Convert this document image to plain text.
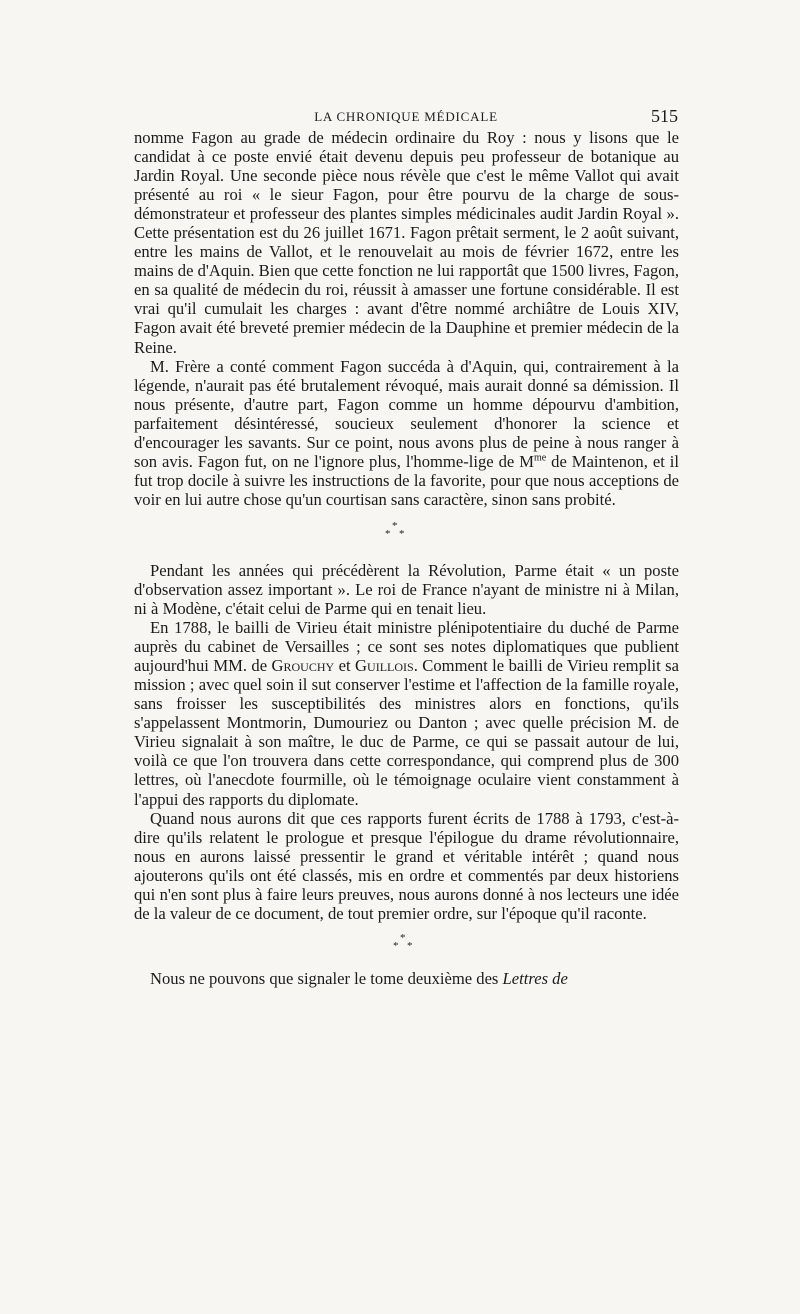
LA CHRONIQUE MÉDICALE	515

nomme Fagon au grade de médecin ordinaire du Roy : nous y lisons que le candidat à ce poste envié était devenu depuis peu professeur de botanique au Jardin Royal. Une seconde pièce nous révèle que c'est le même Vallot qui avait présenté au roi « le sieur Fagon, pour être pourvu de la charge de sous-démonstrateur et professeur des plantes simples médicinales audit Jardin Royal ». Cette présentation est du 26 juillet 1671. Fagon prêtait serment, le 2 août suivant, entre les mains de Vallot, et le renouvelait au mois de février 1672, entre les mains de d'Aquin. Bien que cette fonction ne lui rapportât que 1500 livres, Fagon, en sa qualité de médecin du roi, réussit à amasser une fortune considérable. Il est vrai qu'il cumulait les charges : avant d'être nommé archiâtre de Louis XIV, Fagon avait été breveté premier médecin de la Dauphine et premier médecin de la Reine.

M. Frère a conté comment Fagon succéda à d'Aquin, qui, contrairement à la légende, n'aurait pas été brutalement révoqué, mais aurait donné sa démission. Il nous présente, d'autre part, Fagon comme un homme dépourvu d'ambition, parfaitement désintéressé, soucieux seulement d'honorer la science et d'encourager les savants. Sur ce point, nous avons plus de peine à nous ranger à son avis. Fagon fut, on ne l'ignore plus, l'homme-lige de $M^{me}$ de Maintenon, et il fut trop docile à suivre les instructions de la favorite, pour que nous acceptions de voir en lui autre chose qu'un courtisan sans caractère, sinon sans probité.

*
* *

Pendant les années qui précédèrent la Révolution, Parme était « un poste d'observation assez important ». Le roi de France n'ayant de ministre ni à Milan, ni à Modène, c'était celui de Parme qui en tenait lieu.

En 1788, le bailli de Virieu était ministre plénipotentiaire du duché de Parme auprès du cabinet de Versailles ; ce sont ses notes diplomatiques que publient aujourd'hui MM. de Grouchy et Guillois. Comment le bailli de Virieu remplit sa mission ; avec quel soin il sut conserver l'estime et l'affection de la famille royale, sans froisser les susceptibilités des ministres alors en fonctions, qu'ils s'appelassent Montmorin, Dumouriez ou Danton ; avec quelle précision M. de Virieu signalait à son maître, le duc de Parme, ce qui se passait autour de lui, voilà ce que l'on trouvera dans cette correspondance, qui comprend plus de 300 lettres, où l'anecdote fourmille, où le témoignage oculaire vient constamment à l'appui des rapports du diplomate.

Quand nous aurons dit que ces rapports furent écrits de 1788 à 1793, c'est-à-dire qu'ils relatent le prologue et presque l'épilogue du drame révolutionnaire, nous en aurons laissé pressentir le grand et véritable intérêt ; quand nous ajouterons qu'ils ont été classés, mis en ordre et commentés par deux historiens qui n'en sont plus à faire leurs preuves, nous aurons donné à nos lecteurs une idée de la valeur de ce document, de tout premier ordre, sur l'époque qu'il raconte.

*
* *

Nous ne pouvons que signaler le tome deuxième des Lettres de
